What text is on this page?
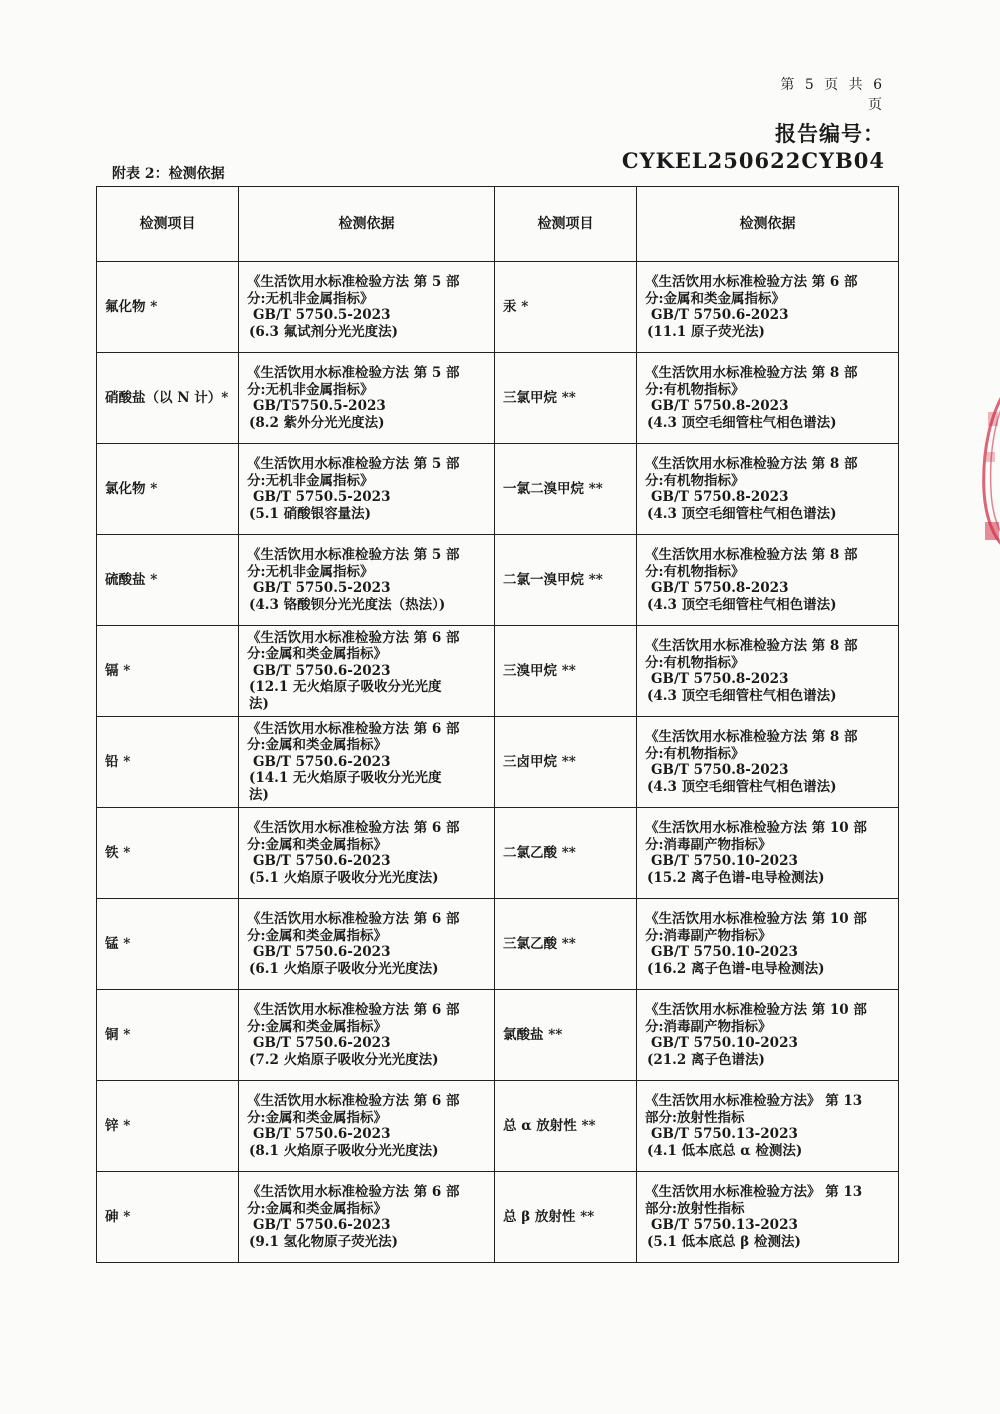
第 5 页 共 6 页
报告编号：CYKEL250622CYB04
附表 2：检测依据
检测项目	检测依据	检测项目	检测依据
氟化物 *	《生活饮用水标准检验方法 第 5 部
分:无机非金属指标》
GB/T 5750.5-2023
(6.3 氟试剂分光光度法)	汞 *	《生活饮用水标准检验方法 第 6 部
分:金属和类金属指标》
GB/T 5750.6-2023
(11.1 原子荧光法)

硝酸盐（以 N 计）*	《生活饮用水标准检验方法 第 5 部
分:无机非金属指标》
GB/T5750.5-2023
(8.2 紫外分光光度法)	三氯甲烷 **	《生活饮用水标准检验方法 第 8 部
分:有机物指标》
GB/T 5750.8-2023
(4.3 顶空毛细管柱气相色谱法)

氯化物 *	《生活饮用水标准检验方法 第 5 部
分:无机非金属指标》
GB/T 5750.5-2023
(5.1 硝酸银容量法)	一氯二溴甲烷 **	《生活饮用水标准检验方法 第 8 部
分:有机物指标》
GB/T 5750.8-2023
(4.3 顶空毛细管柱气相色谱法)

硫酸盐 *	《生活饮用水标准检验方法 第 5 部
分:无机非金属指标》
GB/T 5750.5-2023
(4.3 铬酸钡分光光度法（热法）)	二氯一溴甲烷 **	《生活饮用水标准检验方法 第 8 部
分:有机物指标》
GB/T 5750.8-2023
(4.3 顶空毛细管柱气相色谱法)

镉 *	《生活饮用水标准检验方法 第 6 部
分:金属和类金属指标》
GB/T 5750.6-2023
(12.1 无火焰原子吸收分光光度
法)	三溴甲烷 **	《生活饮用水标准检验方法 第 8 部
分:有机物指标》
GB/T 5750.8-2023
(4.3 顶空毛细管柱气相色谱法)

铅 *	《生活饮用水标准检验方法 第 6 部
分:金属和类金属指标》
GB/T 5750.6-2023
(14.1 无火焰原子吸收分光光度
法)	三卤甲烷 **	《生活饮用水标准检验方法 第 8 部
分:有机物指标》
GB/T 5750.8-2023
(4.3 顶空毛细管柱气相色谱法)

铁 *	《生活饮用水标准检验方法 第 6 部
分:金属和类金属指标》
GB/T 5750.6-2023
(5.1 火焰原子吸收分光光度法)	二氯乙酸 **	《生活饮用水标准检验方法 第 10 部
分:消毒副产物指标》
GB/T 5750.10-2023
(15.2 离子色谱-电导检测法)

锰 *	《生活饮用水标准检验方法 第 6 部
分:金属和类金属指标》
GB/T 5750.6-2023
(6.1 火焰原子吸收分光光度法)	三氯乙酸 **	《生活饮用水标准检验方法 第 10 部
分:消毒副产物指标》
GB/T 5750.10-2023
(16.2 离子色谱-电导检测法)

铜 *	《生活饮用水标准检验方法 第 6 部
分:金属和类金属指标》
GB/T 5750.6-2023
(7.2 火焰原子吸收分光光度法)	氯酸盐 **	《生活饮用水标准检验方法 第 10 部
分:消毒副产物指标》
GB/T 5750.10-2023
(21.2 离子色谱法)

锌 *	《生活饮用水标准检验方法 第 6 部
分:金属和类金属指标》
GB/T 5750.6-2023
(8.1 火焰原子吸收分光光度法)	总 α 放射性 **	《生活饮用水标准检验方法》 第 13
部分:放射性指标
GB/T 5750.13-2023
(4.1 低本底总 α 检测法)

砷 *	《生活饮用水标准检验方法 第 6 部
分:金属和类金属指标》
GB/T 5750.6-2023
(9.1 氢化物原子荧光法)	总 β 放射性 **	《生活饮用水标准检验方法》 第 13
部分:放射性指标
GB/T 5750.13-2023
(5.1 低本底总 β 检测法)
